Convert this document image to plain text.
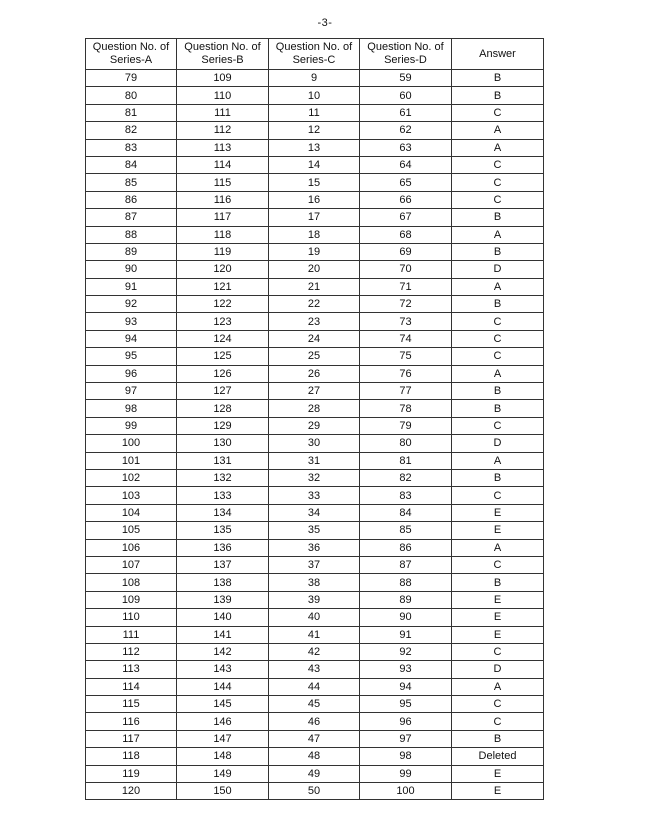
-3-
Question No. of Series-A	Question No. of Series-B	Question No. of Series-C	Question No. of Series-D	Answer
79	109	9	59	B
80	110	10	60	B
81	111	11	61	C
82	112	12	62	A
83	113	13	63	A
84	114	14	64	C
85	115	15	65	C
86	116	16	66	C
87	117	17	67	B
88	118	18	68	A
89	119	19	69	B
90	120	20	70	D
91	121	21	71	A
92	122	22	72	B
93	123	23	73	C
94	124	24	74	C
95	125	25	75	C
96	126	26	76	A
97	127	27	77	B
98	128	28	78	B
99	129	29	79	C
100	130	30	80	D
101	131	31	81	A
102	132	32	82	B
103	133	33	83	C
104	134	34	84	E
105	135	35	85	E
106	136	36	86	A
107	137	37	87	C
108	138	38	88	B
109	139	39	89	E
110	140	40	90	E
111	141	41	91	E
112	142	42	92	C
113	143	43	93	D
114	144	44	94	A
115	145	45	95	C
116	146	46	96	C
117	147	47	97	B
118	148	48	98	Deleted
119	149	49	99	E
120	150	50	100	E
